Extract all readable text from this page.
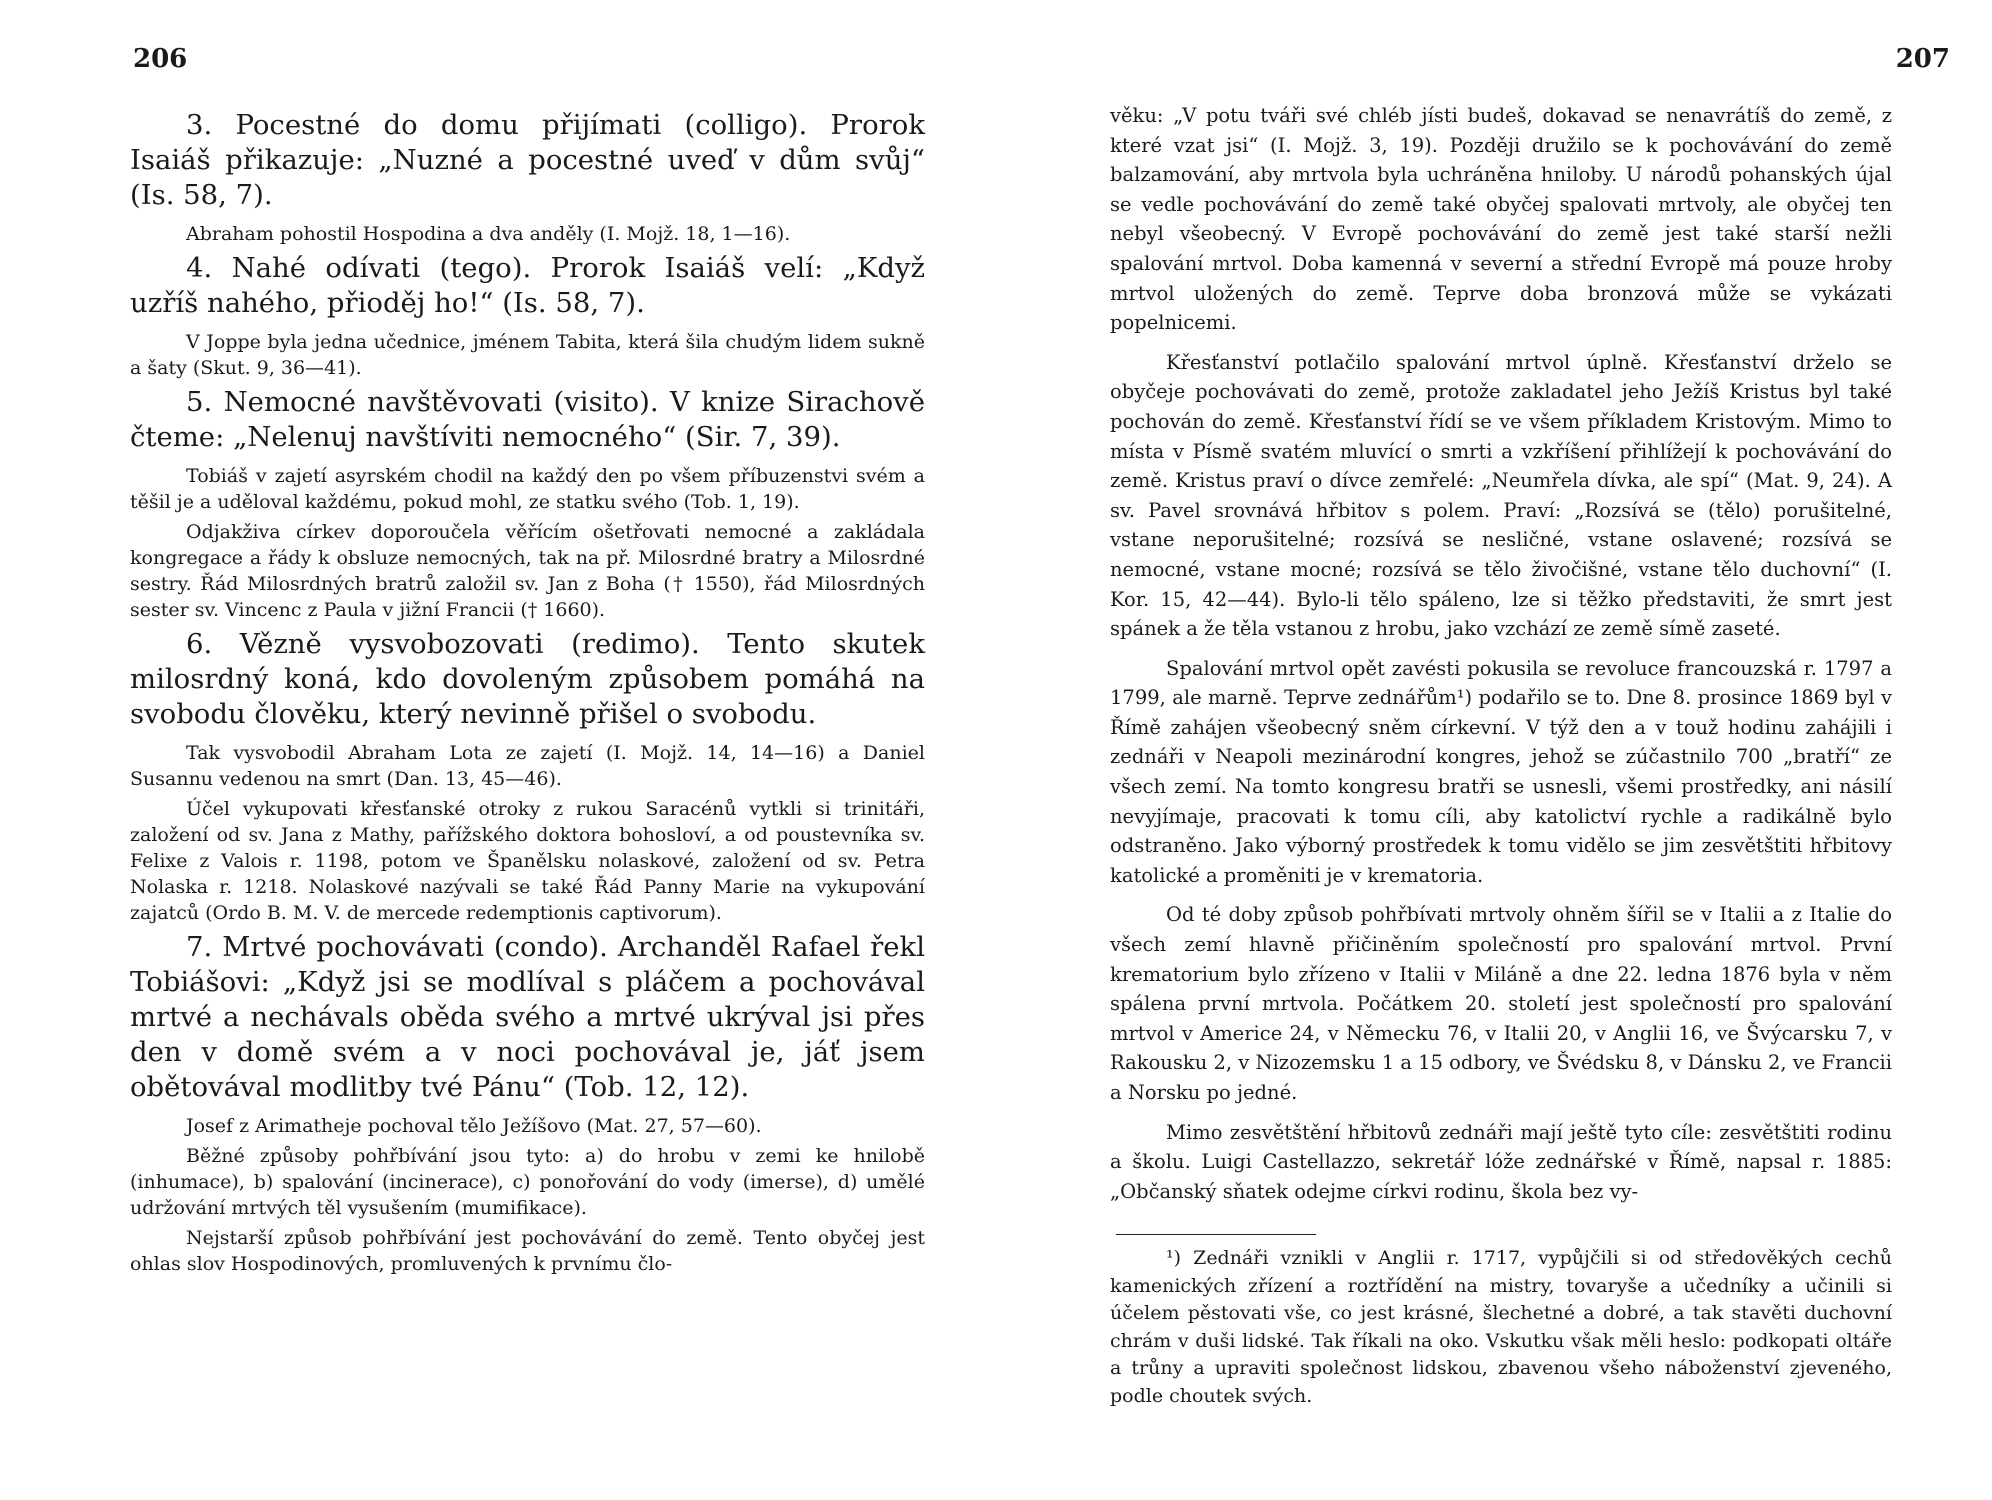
206

3. Pocestné do domu přijímati (colligo). Prorok Isaiáš přikazuje: „Nuzné a pocestné uveď v dům svůj“ (Is. 58, 7).

Abraham pohostil Hospodina a dva anděly (I. Mojž. 18, 1—16).

4. Nahé odívati (tego). Prorok Isaiáš velí: „Když uzříš nahého, přioděj ho!“ (Is. 58, 7).

V Joppe byla jedna učednice, jménem Tabita, která šila chudým lidem sukně a šaty (Skut. 9, 36—41).

5. Nemocné navštěvovati (visito). V knize Sirachově čteme: „Nelenuj navštíviti nemocného“ (Sir. 7, 39).

Tobiáš v zajetí asyrském chodil na každý den po všem příbuzenstvi svém a těšil je a uděloval každému, pokud mohl, ze statku svého (Tob. 1, 19).

Odjakživa církev doporoučela věřícím ošetřovati nemocné a zakládala kongregace a řády k obsluze nemocných, tak na př. Milosrdné bratry a Milosrdné sestry. Řád Milosrdných bratrů založil sv. Jan z Boha († 1550), řád Milosrdných sester sv. Vincenc z Paula v jižní Francii († 1660).

6. Vězně vysvobozovati (redimo). Tento skutek milosrdný koná, kdo dovoleným způsobem pomáhá na svobodu člověku, který nevinně přišel o svobodu.

Tak vysvobodil Abraham Lota ze zajetí (I. Mojž. 14, 14—16) a Daniel Susannu vedenou na smrt (Dan. 13, 45—46).

Účel vykupovati křesťanské otroky z rukou Saracénů vytkli si trinitáři, založení od sv. Jana z Mathy, pařížského doktora bohosloví, a od poustevníka sv. Felixe z Valois r. 1198, potom ve Španělsku nolaskové, založení od sv. Petra Nolaska r. 1218. Nolaskové nazývali se také Řád Panny Marie na vykupování zajatců (Ordo B. M. V. de mercede redemptionis captivorum).

7. Mrtvé pochovávati (condo). Archanděl Rafael řekl Tobiášovi: „Když jsi se modlíval s pláčem a pochovával mrtvé a nechávals oběda svého a mrtvé ukrýval jsi přes den v domě svém a v noci pochovával je, jáť jsem obětovával modlitby tvé Pánu“ (Tob. 12, 12).

Josef z Arimatheje pochoval tělo Ježíšovo (Mat. 27, 57—60).

Běžné způsoby pohřbívání jsou tyto: a) do hrobu v zemi ke hnilobě (inhumace), b) spalování (incinerace), c) ponořování do vody (imerse), d) umělé udržování mrtvých těl vysušením (mumifikace).

Nejstarší způsob pohřbívání jest pochovávání do země. Tento obyčej jest ohlas slov Hospodinových, promluvených k prvnímu člo-

207

věku: „V potu tváři své chléb jísti budeš, dokavad se nenavrátíš do země, z které vzat jsi“ (I. Mojž. 3, 19). Později družilo se k pochovávání do země balzamování, aby mrtvola byla uchráněna hniloby. U národů pohanských újal se vedle pochovávání do země také obyčej spalovati mrtvoly, ale obyčej ten nebyl všeobecný. V Evropě pochovávání do země jest také starší nežli spalování mrtvol. Doba kamenná v severní a střední Evropě má pouze hroby mrtvol uložených do země. Teprve doba bronzová může se vykázati popelnicemi.

Křesťanství potlačilo spalování mrtvol úplně. Křesťanství drželo se obyčeje pochovávati do země, protože zakladatel jeho Ježíš Kristus byl také pochován do země. Křesťanství řídí se ve všem příkladem Kristovým. Mimo to místa v Písmě svatém mluvící o smrti a vzkříšení přihlížejí k pochovávání do země. Kristus praví o dívce zemřelé: „Neumřela dívka, ale spí“ (Mat. 9, 24). A sv. Pavel srovnává hřbitov s polem. Praví: „Rozsívá se (tělo) porušitelné, vstane neporušitelné; rozsívá se nesličné, vstane oslavené; rozsívá se nemocné, vstane mocné; rozsívá se tělo živočišné, vstane tělo duchovní“ (I. Kor. 15, 42—44). Bylo-li tělo spáleno, lze si těžko představiti, že smrt jest spánek a že těla vstanou z hrobu, jako vzchází ze země símě zaseté.

Spalování mrtvol opět zavésti pokusila se revoluce francouzská r. 1797 a 1799, ale marně. Teprve zednářům¹) podařilo se to. Dne 8. prosince 1869 byl v Římě zahájen všeobecný sněm církevní. V týž den a v touž hodinu zahájili i zednáři v Neapoli mezinárodní kongres, jehož se zúčastnilo 700 „bratří“ ze všech zemí. Na tomto kongresu bratři se usnesli, všemi prostředky, ani násilí nevyjímaje, pracovati k tomu cíli, aby katolictví rychle a radikálně bylo odstraněno. Jako výborný prostředek k tomu vidělo se jim zesvětštiti hřbitovy katolické a proměniti je v krematoria.

Od té doby způsob pohřbívati mrtvoly ohněm šířil se v Italii a z Italie do všech zemí hlavně přičiněním společností pro spalování mrtvol. První krematorium bylo zřízeno v Italii v Miláně a dne 22. ledna 1876 byla v něm spálena první mrtvola. Počátkem 20. století jest společností pro spalování mrtvol v Americe 24, v Německu 76, v Italii 20, v Anglii 16, ve Švýcarsku 7, v Rakousku 2, v Nizozemsku 1 a 15 odbory, ve Švédsku 8, v Dánsku 2, ve Francii a Norsku po jedné.

Mimo zesvětštění hřbitovů zednáři mají ještě tyto cíle: zesvětštiti rodinu a školu. Luigi Castellazzo, sekretář lóže zednářské v Římě, napsal r. 1885: „Občanský sňatek odejme církvi rodinu, škola bez vy-

¹) Zednáři vznikli v Anglii r. 1717, vypůjčili si od středověkých cechů kamenických zřízení a roztřídění na mistry, tovaryše a učedníky a učinili si účelem pěstovati vše, co jest krásné, šlechetné a dobré, a tak stavěti duchovní chrám v duši lidské. Tak říkali na oko. Vskutku však měli heslo: podkopati oltáře a trůny a upraviti společnost lidskou, zbavenou všeho náboženství zjeveného, podle choutek svých.
